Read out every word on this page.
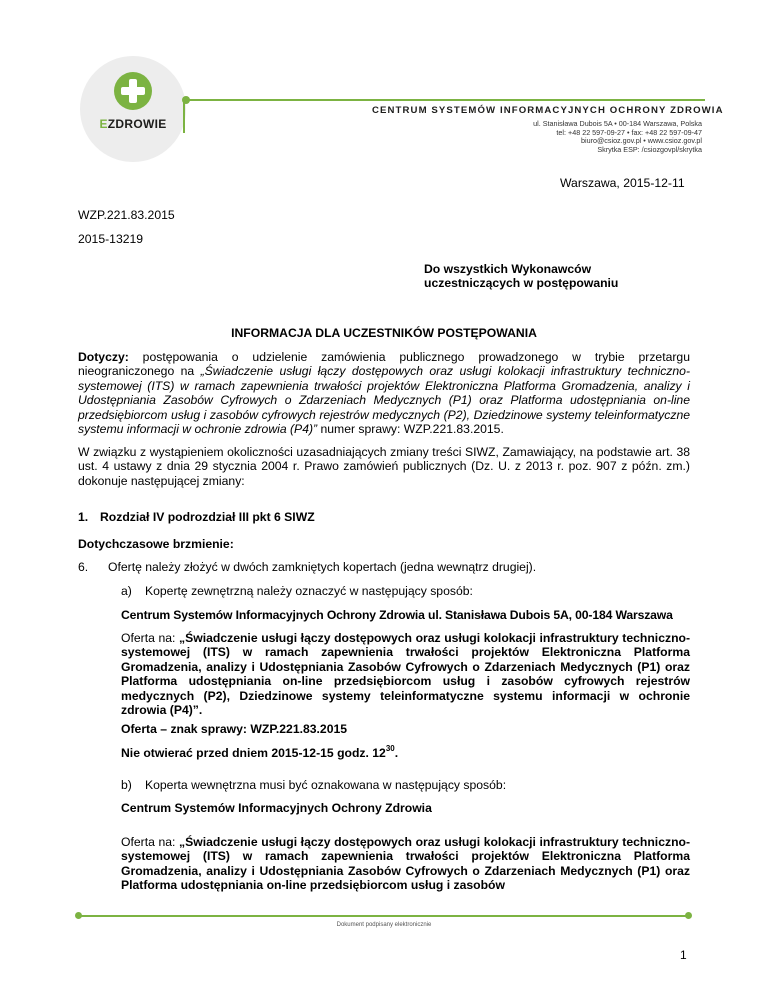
EZDROWIE
CENTRUM SYSTEMÓW INFORMACYJNYCH OCHRONY ZDROWIA
ul. Stanisława Dubois 5A • 00-184 Warszawa, Polska
tel: +48 22 597-09-27 • fax: +48 22 597-09-47
biuro@csioz.gov.pl • www.csioz.gov.pl
Skrytka ESP: /csiozgovpl/skrytka
Warszawa, 2015-12-11
WZP.221.83.2015
2015-13219
Do wszystkich Wykonawców
uczestniczących w postępowaniu
INFORMACJA DLA UCZESTNIKÓW POSTĘPOWANIA
Dotyczy: postępowania o udzielenie zamówienia publicznego prowadzonego w trybie przetargu nieograniczonego na „Świadczenie usługi łączy dostępowych oraz usługi kolokacji infrastruktury techniczno-systemowej (ITS) w ramach zapewnienia trwałości projektów Elektroniczna Platforma Gromadzenia, analizy i Udostępniania Zasobów Cyfrowych o Zdarzeniach Medycznych (P1) oraz Platforma udostępniania on-line przedsiębiorcom usług i zasobów cyfrowych rejestrów medycznych (P2), Dziedzinowe systemy teleinformatyczne systemu informacji w ochronie zdrowia (P4)” numer sprawy: WZP.221.83.2015.
W związku z wystąpieniem okoliczności uzasadniających zmiany treści SIWZ, Zamawiający, na podstawie art. 38 ust. 4 ustawy z dnia 29 stycznia 2004 r. Prawo zamówień publicznych (Dz. U. z 2013 r. poz. 907 z późn. zm.) dokonuje następującej zmiany:
1. Rozdział IV podrozdział III pkt 6 SIWZ
Dotychczasowe brzmienie:
6. Ofertę należy złożyć w dwóch zamkniętych kopertach (jedna wewnątrz drugiej).
a) Kopertę zewnętrzną należy oznaczyć w następujący sposób:
Centrum Systemów Informacyjnych Ochrony Zdrowia ul. Stanisława Dubois 5A, 00-184 Warszawa
Oferta na: „Świadczenie usługi łączy dostępowych oraz usługi kolokacji infrastruktury techniczno-systemowej (ITS) w ramach zapewnienia trwałości projektów Elektroniczna Platforma Gromadzenia, analizy i Udostępniania Zasobów Cyfrowych o Zdarzeniach Medycznych (P1) oraz Platforma udostępniania on-line przedsiębiorcom usług i zasobów cyfrowych rejestrów medycznych (P2), Dziedzinowe systemy teleinformatyczne systemu informacji w ochronie zdrowia (P4)”.
Oferta – znak sprawy: WZP.221.83.2015
Nie otwierać przed dniem 2015-12-15 godz. $12^{30}$.
b) Koperta wewnętrzna musi być oznakowana w następujący sposób:
Centrum Systemów Informacyjnych Ochrony Zdrowia
Oferta na: „Świadczenie usługi łączy dostępowych oraz usługi kolokacji infrastruktury techniczno-systemowej (ITS) w ramach zapewnienia trwałości projektów Elektroniczna Platforma Gromadzenia, analizy i Udostępniania Zasobów Cyfrowych o Zdarzeniach Medycznych (P1) oraz Platforma udostępniania on-line przedsiębiorcom usług i zasobów
Dokument podpisany elektronicznie
1
